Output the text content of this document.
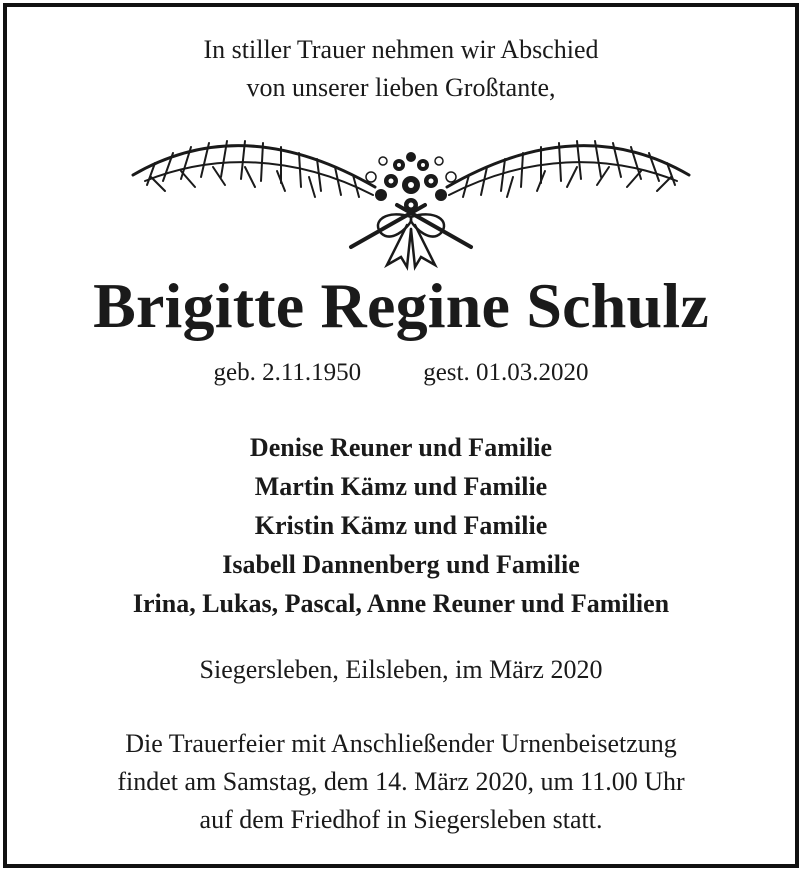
In stiller Trauer nehmen wir Abschied
von unserer lieben Großtante,
Brigitte Regine Schulz
geb. 2.11.1950 gest. 01.03.2020
Denise Reuner und Familie
Martin Kämz und Familie
Kristin Kämz und Familie
Isabell Dannenberg und Familie
Irina, Lukas, Pascal, Anne Reuner und Familien
Siegersleben, Eilsleben, im März 2020
Die Trauerfeier mit Anschließender Urnenbeisetzung
findet am Samstag, dem 14. März 2020, um 11.00 Uhr
auf dem Friedhof in Siegersleben statt.
